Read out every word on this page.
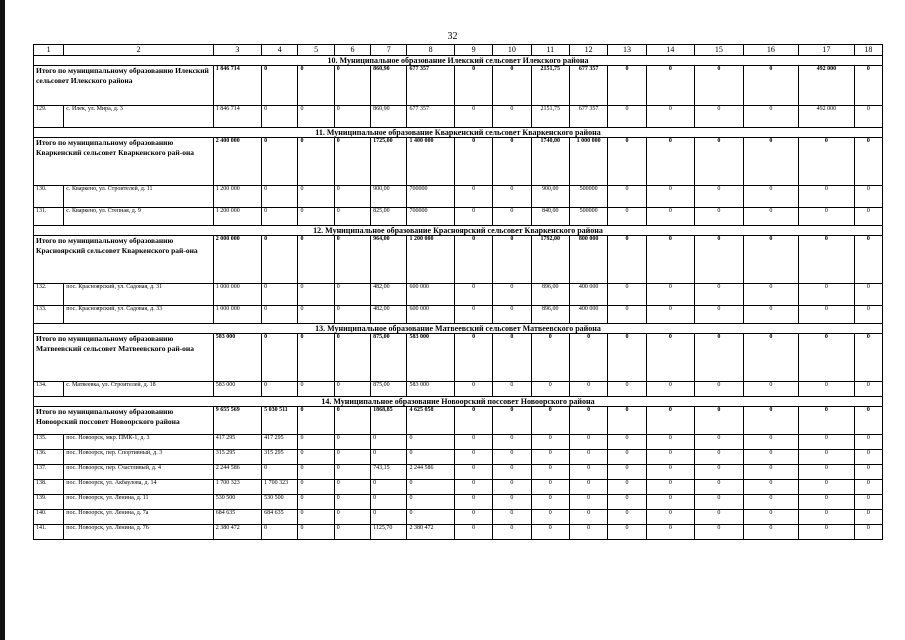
32
1	2	3	4	5	6	7	8	9	10	11	12	13	14	15	16	17	18
10. Муниципальное образование Илекский сельсовет Илекского района																	
Итого по муниципальному образованию Илекский сельсовет Илекского района		1 846 714	0	0	0	860,90	677 357	0	0	2151,75	677 357	0	0	0	0	492 000	0
129.	с. Илек, ул. Мира, д. 3	1 846 714	0	0	0	860,90	677 357	0	0	2151,75	677 357	0	0	0	0	492 000	0
11. Муниципальное образование Кваркенский сельсовет Кваркенского района																	
Итого по муниципальному образованию Кваркенский сельсовет Кваркенского рай-она		2 400 000	0	0	0	1725,00	1 400 000	0	0	1740,00	1 000 000	0	0	0	0	0	0
130.	с. Кваркено, ул. Строителей, д. 11	1 200 000	0	0	0	900,00	700000	0	0	900,00	500000	0	0	0	0	0	0
131.	с. Кваркено, ул. Степная, д. 9	1 200 000	0	0	0	825,00	700000	0	0	840,00	500000	0	0	0	0	0	0
12. Муниципальное образование Красноярский сельсовет Кваркенского района																	
Итого по муниципальному образованию Красноярский сельсовет Кваркенского рай-она		2 000 000	0	0	0	964,00	1 200 000	0	0	1792,00	800 000	0	0	0	0	0	0
132.	пос. Красноярский, ул. Садовая, д. 31	1 000 000	0	0	0	482,00	600 000	0	0	896,00	400 000	0	0	0	0	0	0
133.	пос. Красноярский, ул. Садовая, д. 33	1 000 000	0	0	0	482,00	600 000	0	0	896,00	400 000	0	0	0	0	0	0
13. Муниципальное образование Матвеевский сельсовет Матвеевского района																	
Итого по муниципальному образованию Матвеевский сельсовет Матвеевского рай-она		583 000	0	0	0	875,00	583 000	0	0	0	0	0	0	0	0	0	0
134.	с. Матвеевка, ул. Строителей, д. 18	583 000	0	0	0	875,00	583 000	0	0	0	0	0	0	0	0	0	0
14. Муниципальное образование Новоорский поссовет Новоорского района																	
Итого по муниципальному образованию Новоорский поссовет Новоорского района		9 655 569	5 030 511	0	0	1868,85	4 625 058	0	0	0	0	0	0	0	0	0	0
135.	пос. Новоорск, мкр. ПМК-1, д. 3	417 295	417 295	0	0	0	0	0	0	0	0	0	0	0	0	0	0
136.	пос. Новоорск, пер. Спортивный, д. 3	315 295	315 295	0	0	0	0	0	0	0	0	0	0	0	0	0	0
137.	пос. Новоорск, пер. Счастливый, д. 4	2 244 586	0	0	0	743,15	2 244 586	0	0	0	0	0	0	0	0	0	0
138.	пос. Новоорск, ул. Акбаулова, д. 14	1 700 323	1 700 323	0	0	0	0	0	0	0	0	0	0	0	0	0	0
139.	пос. Новоорск, ул. Ленина, д. 11	530 500	530 500	0	0	0	0	0	0	0	0	0	0	0	0	0	0
140.	пос. Новоорск, ул. Ленина, д. 7а	684 635	684 635	0	0	0	0	0	0	0	0	0	0	0	0	0	0
141.	пос. Новоорск, ул. Ленина, д. 76	2 380 472	0	0	0	1125,70	2 380 472	0	0	0	0	0	0	0	0	0	0
